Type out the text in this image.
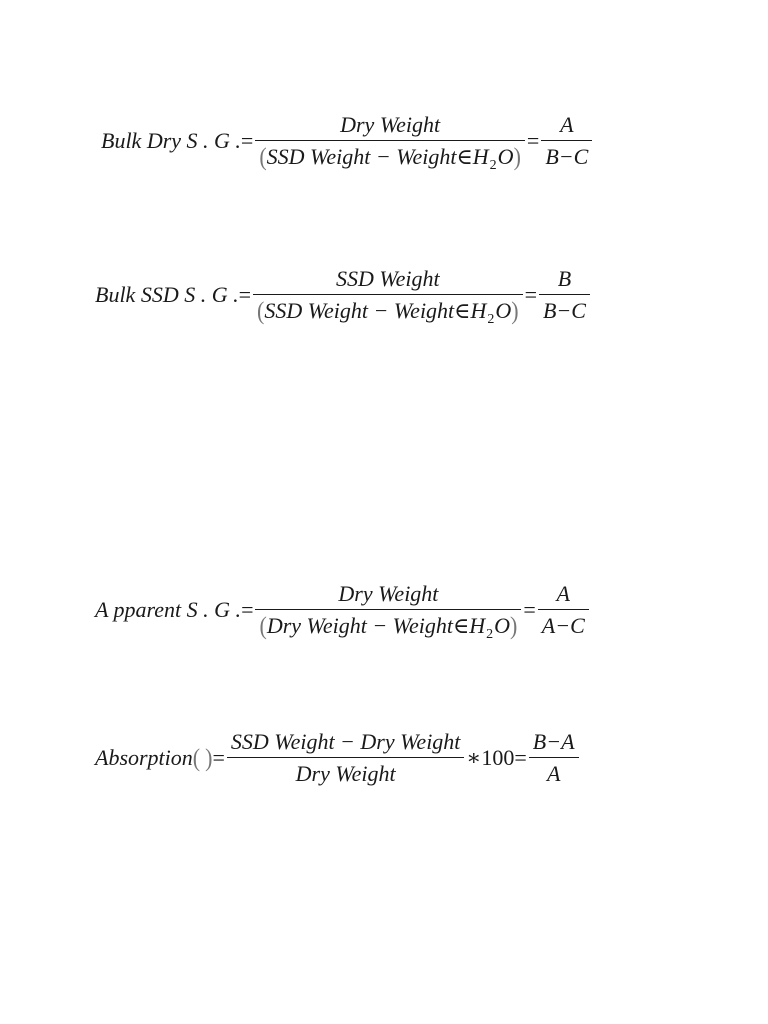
Bulk Dry S . G . = $\frac{\text{Dry Weight}}{(SSD Weight - Weight\in H_2O)} = \frac{A}{B-C}$
Bulk SSD S . G . = $\frac{\text{SSD Weight}}{(SSD Weight - Weight\in H_2O)} = \frac{B}{B-C}$
A pparent S . G . = $\frac{\text{Dry Weight}}{(Dry Weight - Weight\in H_2O)} = \frac{A}{A-C}$
Absorption ( ) = $\frac{\text{SSD Weight − Dry Weight}}{\text{Dry Weight}}$ ∗100 = $\frac{B-A}{A}$
